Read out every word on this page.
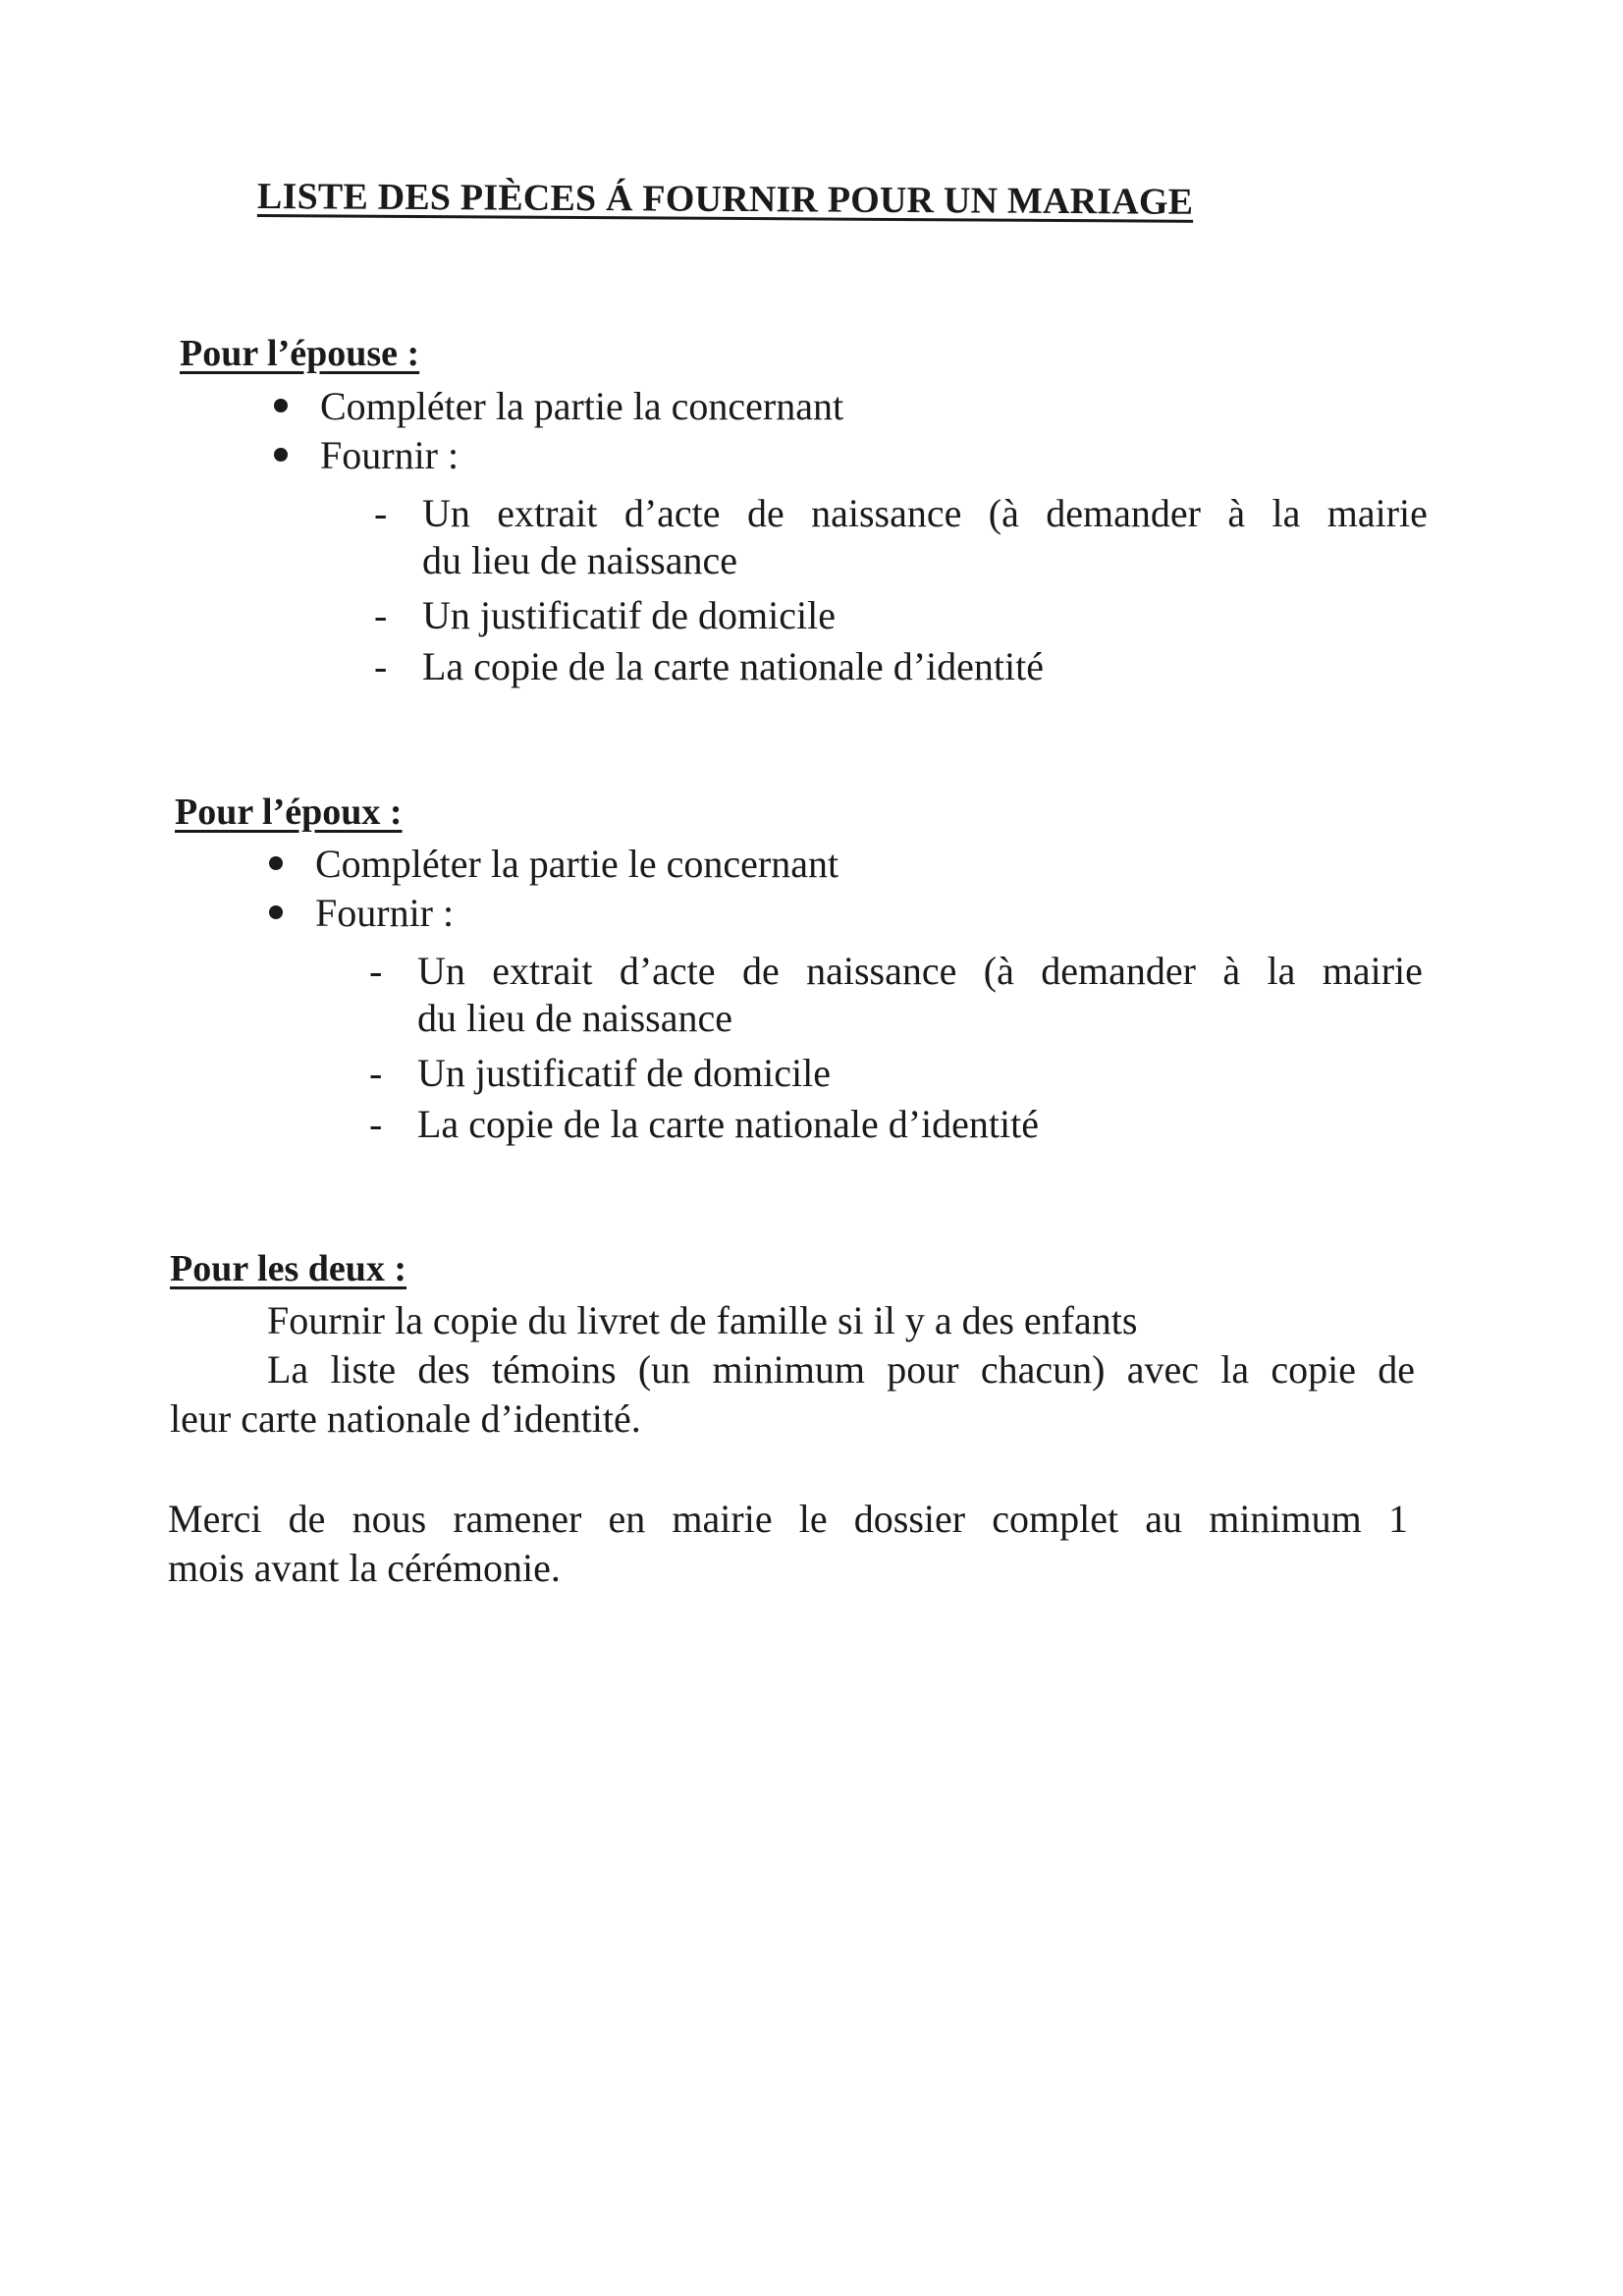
LISTE DES PIÈCES Á FOURNIR POUR UN MARIAGE
Pour l’épouse :
Compléter la partie la concernant
Fournir :
- Un extrait d’acte de naissance (à demander à la mairie
du lieu de naissance
- Un justificatif de domicile
- La copie de la carte nationale d’identité
Pour l’époux :
Compléter la partie le concernant
Fournir :
- Un extrait d’acte de naissance (à demander à la mairie
du lieu de naissance
- Un justificatif de domicile
- La copie de la carte nationale d’identité
Pour les deux :
Fournir la copie du livret de famille si il y a des enfants
La liste des témoins (un minimum pour chacun) avec la copie de
leur carte nationale d’identité.
Merci de nous ramener en mairie le dossier complet au minimum 1
mois avant la cérémonie.
